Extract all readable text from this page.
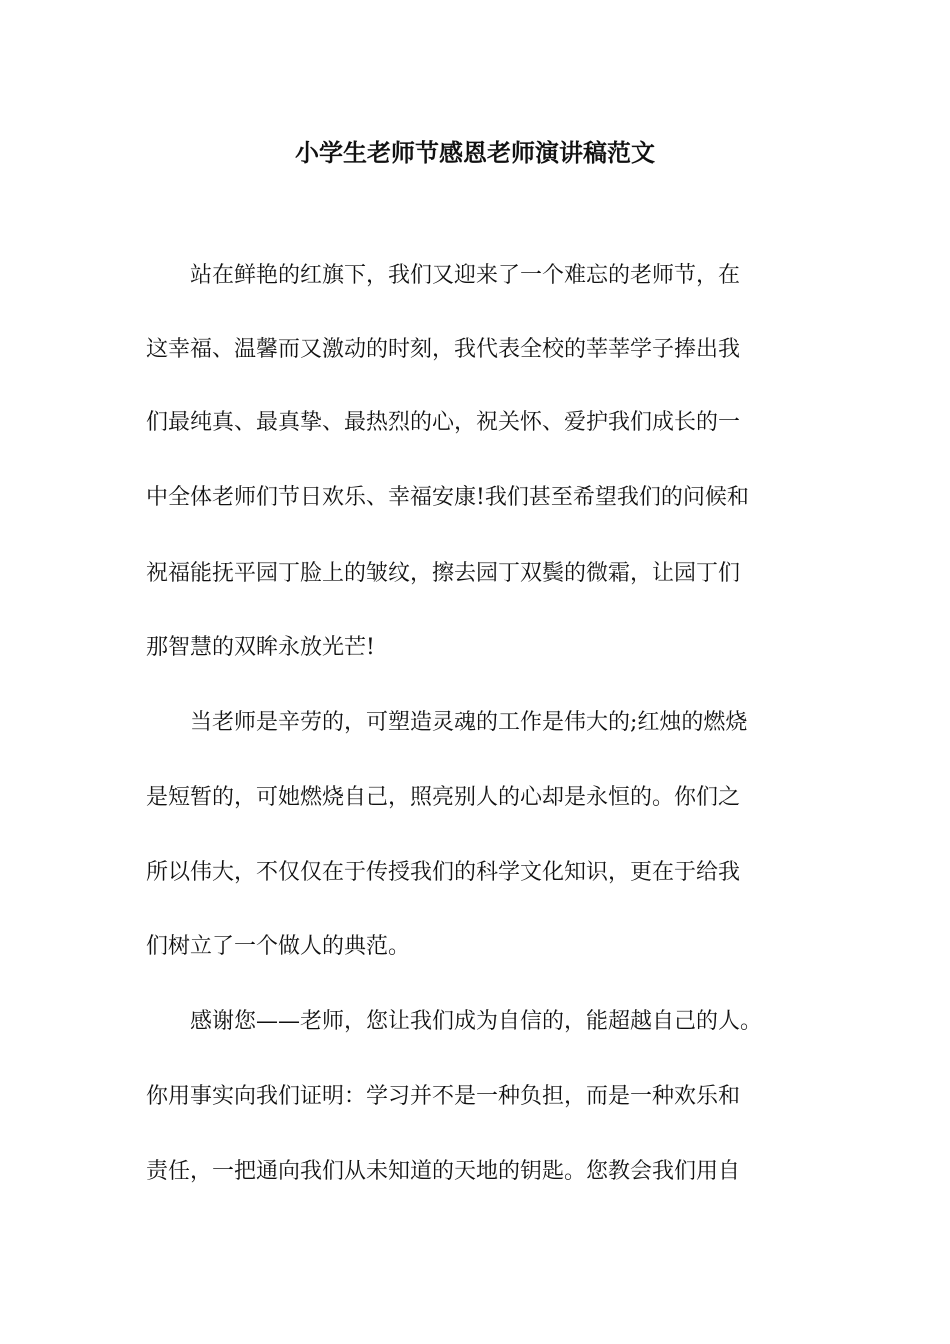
小学生老师节感恩老师演讲稿范文
　　站在鲜艳的红旗下，我们又迎来了一个难忘的老师节，在
这幸福、温馨而又激动的时刻，我代表全校的莘莘学子捧出我
们最纯真、最真挚、最热烈的心，祝关怀、爱护我们成长的一
中全体老师们节日欢乐、幸福安康!我们甚至希望我们的问候和
祝福能抚平园丁脸上的皱纹，擦去园丁双鬓的微霜，让园丁们
那智慧的双眸永放光芒!
　　当老师是辛劳的，可塑造灵魂的工作是伟大的;红烛的燃烧
是短暂的，可她燃烧自己，照亮别人的心却是永恒的。你们之
所以伟大，不仅仅在于传授我们的科学文化知识，更在于给我
们树立了一个做人的典范。
　　感谢您——老师，您让我们成为自信的，能超越自己的人。
你用事实向我们证明：学习并不是一种负担，而是一种欢乐和
责任，一把通向我们从未知道的天地的钥匙。您教会我们用自
